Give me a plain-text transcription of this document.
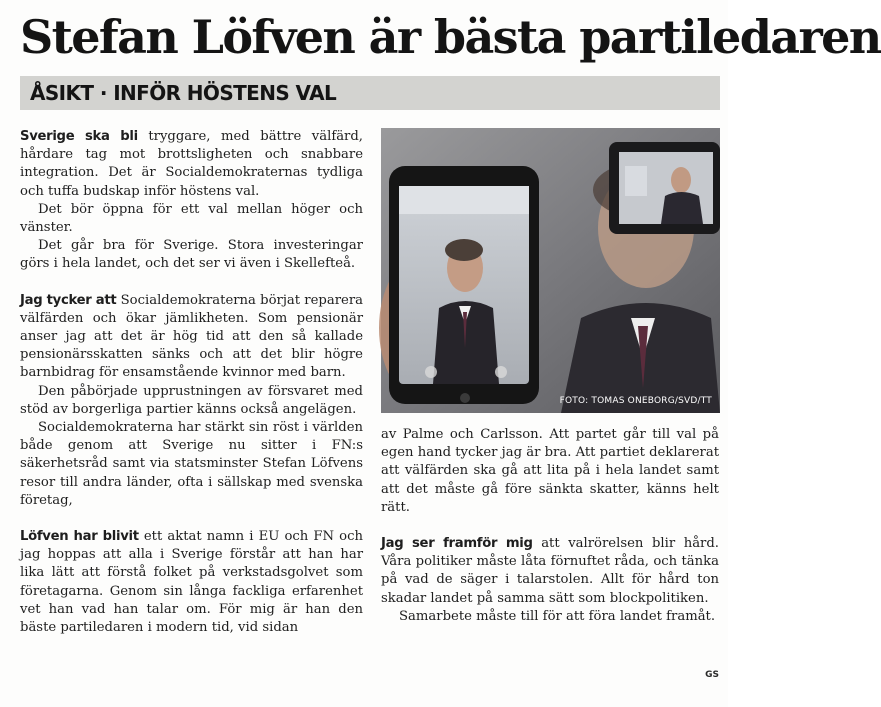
Stefan Löfven är bästa partiledaren
ÅSIKT · INFÖR HÖSTENS VAL

Sverige ska bli tryggare, med bättre välfärd, hårdare tag mot brottsligheten och snabbare integration. Det är Socialdemokraternas tydliga och tuffa budskap inför höstens val.

Det bör öppna för ett val mellan höger och vänster.

Det går bra för Sverige. Stora investeringar görs i hela landet, och det ser vi även i Skellefteå.

Jag tycker att Socialdemokraterna börjat reparera välfärden och ökar jämlikheten. Som pensionär anser jag att det är hög tid att den så kallade pensionärsskatten sänks och att det blir högre barnbidrag för ensamstående kvinnor med barn.

Den påbörjade upprustningen av försvaret med stöd av borgerliga partier känns också angelägen.

Socialdemokraterna har stärkt sin röst i världen både genom att Sverige nu sitter i FN:s säkerhetsråd samt via statsminster Stefan Löfvens resor till andra länder, ofta i sällskap med svenska företag,

Löfven har blivit ett aktat namn i EU och FN och jag hoppas att alla i Sverige förstår att han har lika lätt att förstå folket på verkstadsgolvet som företagarna. Genom sin långa fackliga erfarenhet vet han vad han talar om. För mig är han den bäste partiledaren i modern tid, vid sidan

FOTO: TOMAS ONEBORG/SVD/TT

av Palme och Carlsson. Att partet går till val på egen hand tycker jag är bra. Att partiet deklarerat att välfärden ska gå att lita på i hela landet samt att det måste gå före sänkta skatter, känns helt rätt.

Jag ser framför mig att valrörelsen blir hård. Våra politiker måste låta förnuftet råda, och tänka på vad de säger i talarstolen. Allt för hård ton skadar landet på samma sätt som blockpolitiken.

Samarbete måste till för att föra landet framåt.

GS
